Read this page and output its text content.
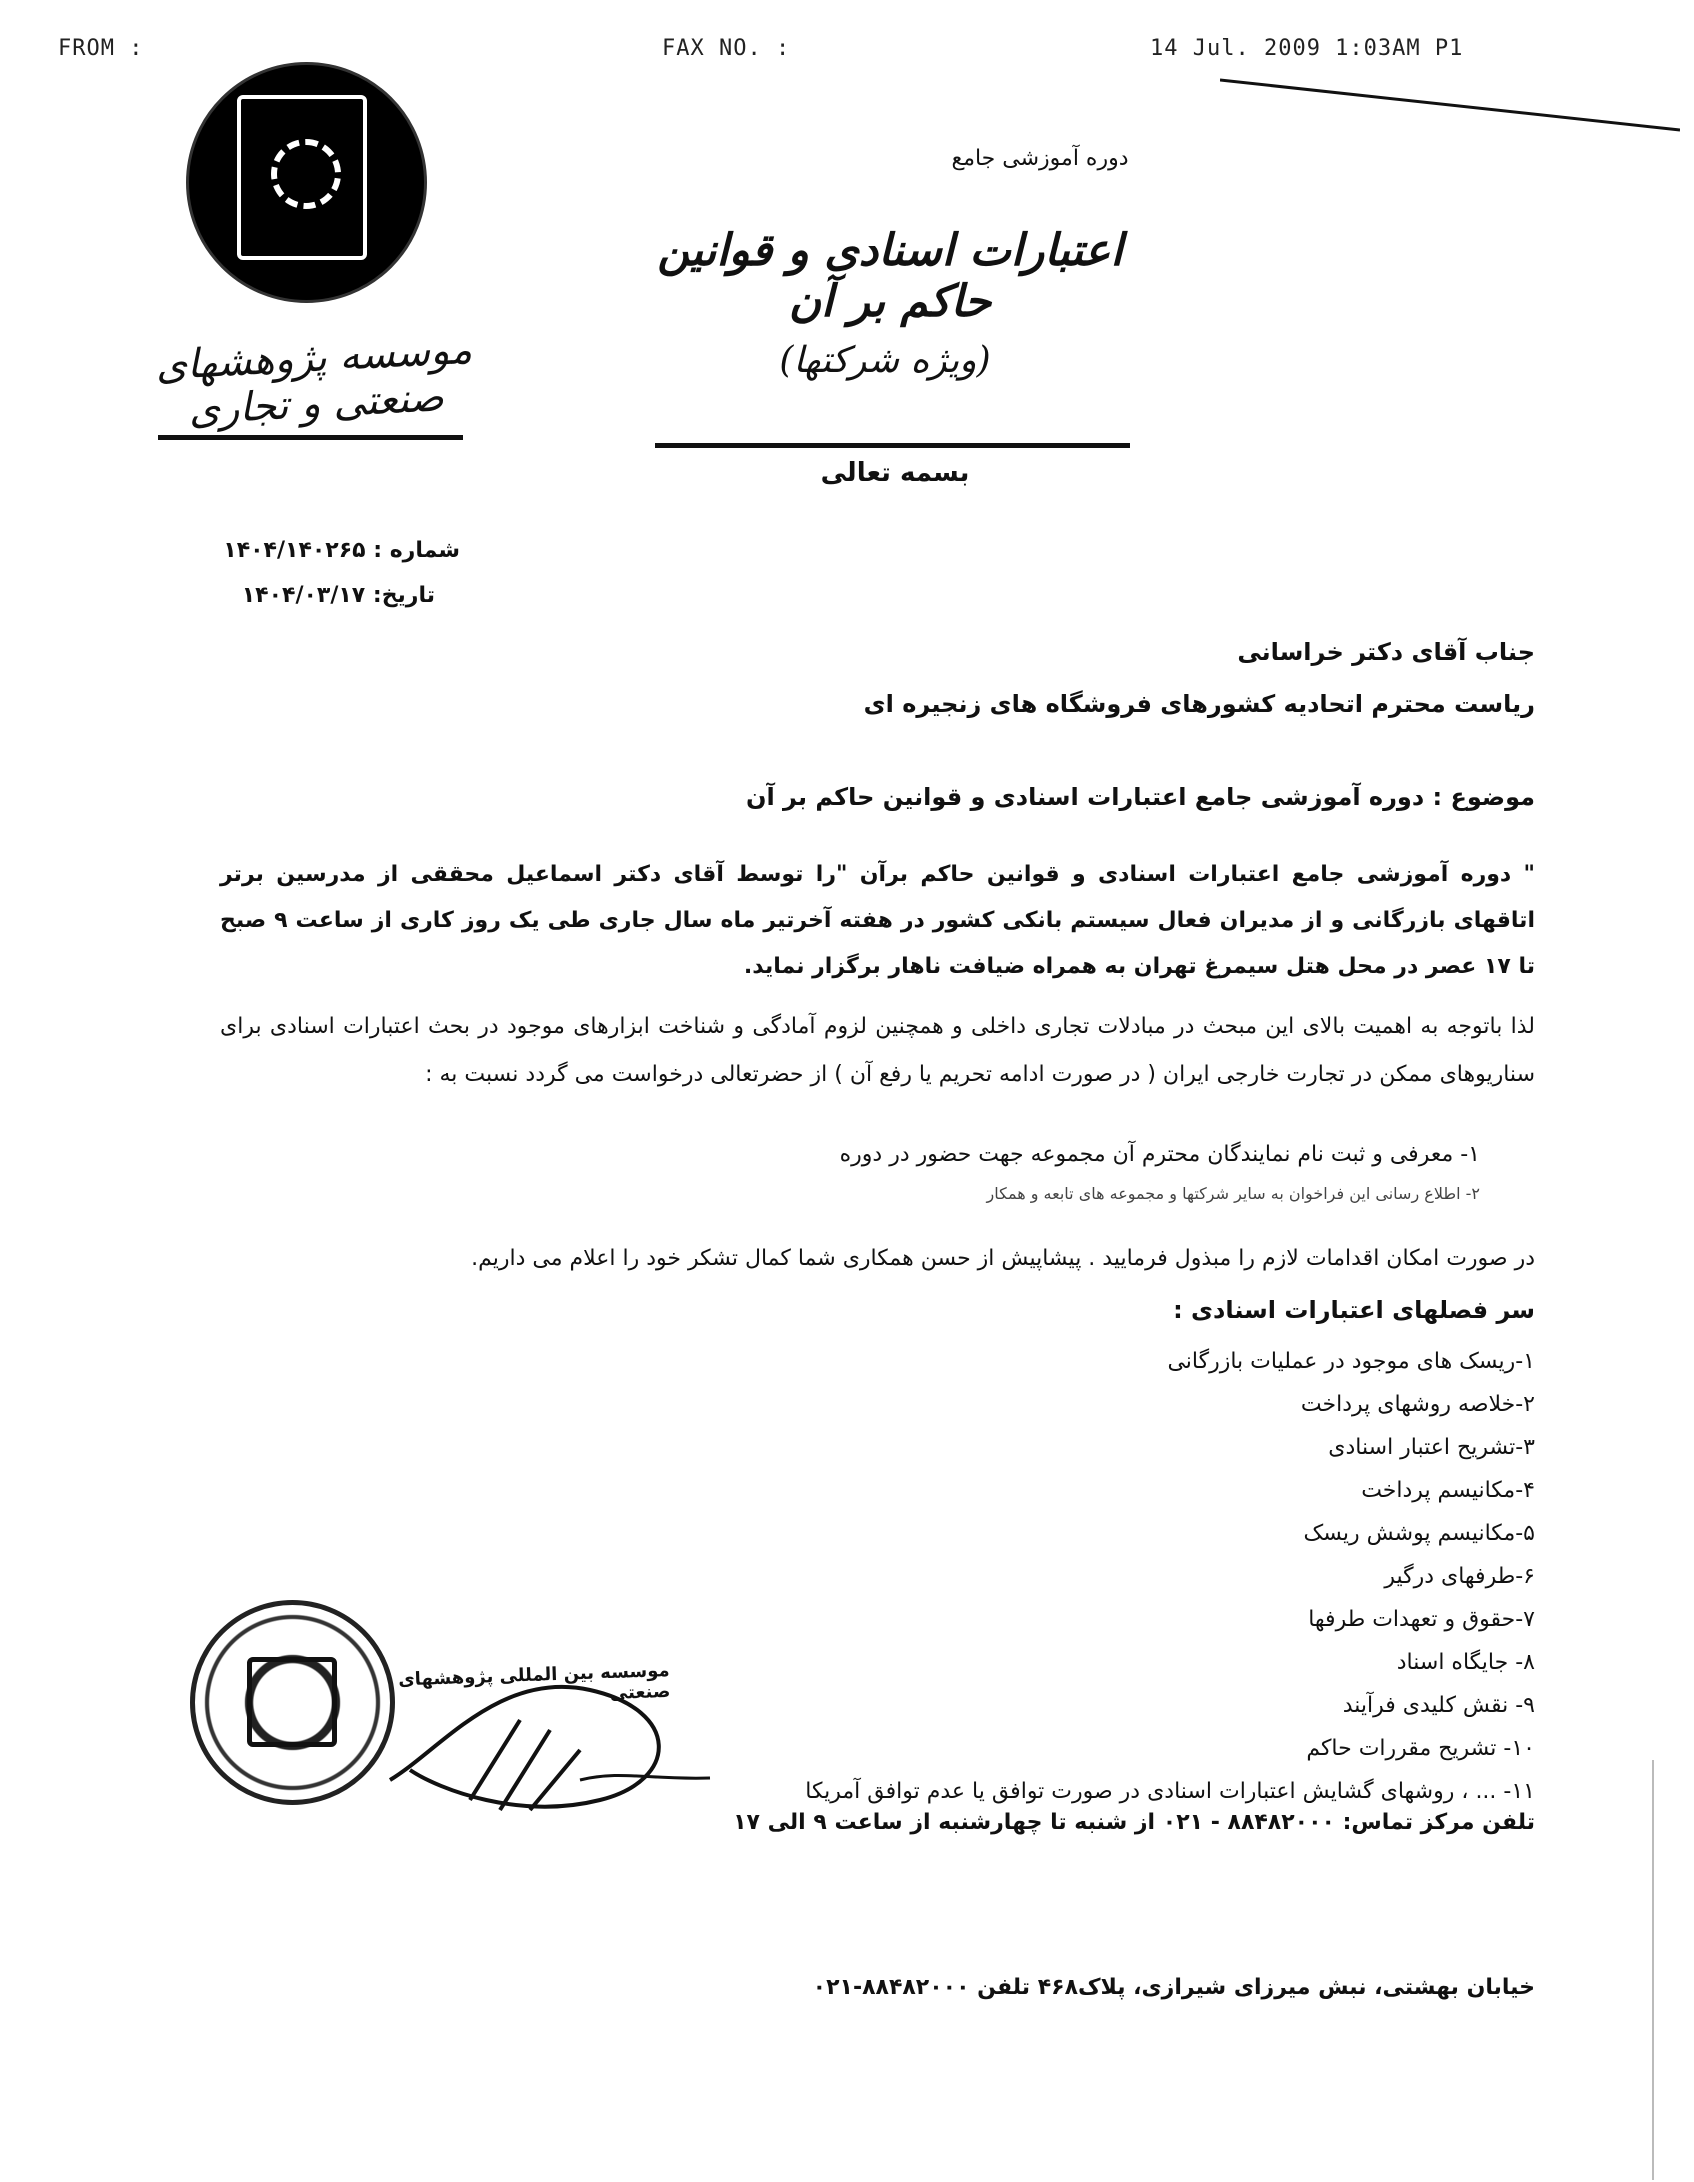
FROM :	FAX NO. :	14 Jul. 2009 1:03AM P1
موسسه پژوهشهای صنعتی و تجاری
دوره آموزشی جامع
اعتبارات اسنادی و قوانین حاکم بر آن
(ویژه شرکتها)
بسمه تعالی
شماره : ۱۴۰۴/۱۴۰۲۶۵
تاریخ: ۱۴۰۴/۰۳/۱۷
جناب آقای دکتر خراسانی
ریاست محترم اتحادیه کشورهای فروشگاه های زنجیره ای
موضوع : دوره آموزشی جامع اعتبارات اسنادی و قوانین حاکم بر آن
" دوره آموزشی جامع اعتبارات اسنادی و قوانین حاکم برآن "را توسط آقای دکتر اسماعیل محققی از مدرسین برتر اتاقهای بازرگانی و از مدیران فعال سیستم بانکی کشور در هفته آخرتیر ماه سال جاری طی یک روز کاری از ساعت ۹ صبح تا ۱۷ عصر در محل هتل سیمرغ تهران به همراه ضیافت ناهار برگزار نماید.
لذا باتوجه به اهمیت بالای این مبحث در مبادلات تجاری داخلی و همچنین لزوم آمادگی و شناخت ابزارهای موجود در بحث اعتبارات اسنادی برای سناریوهای ممکن در تجارت خارجی ایران ( در صورت ادامه تحریم یا رفع آن ) از حضرتعالی درخواست می گردد نسبت به :
۱- معرفی و ثبت نام نمایندگان محترم آن مجموعه جهت حضور در دوره
۲- اطلاع رسانی این فراخوان به سایر شرکتها و مجموعه های تابعه و همکار
در صورت امکان اقدامات لازم را مبذول فرمایید . پیشاپیش از حسن همکاری شما کمال تشکر خود را اعلام می داریم.
سر فصلهای اعتبارات اسنادی :
۱-ریسک های موجود در عملیات بازرگانی
۲-خلاصه روشهای پرداخت
۳-تشریح اعتبار اسنادی
۴-مکانیسم پرداخت
۵-مکانیسم پوشش ریسک
۶-طرفهای درگیر
۷-حقوق و تعهدات طرفها
۸- جایگاه اسناد
۹- نقش کلیدی فرآیند
۱۰- تشریح مقررات حاکم
۱۱- ... ، روشهای گشایش اعتبارات اسنادی در صورت توافق یا عدم توافق آمریکا
موسسه بین المللی پژوهشهای صنعتی
تلفن مرکز تماس: ۸۸۴۸۲۰۰۰ - ۰۲۱ از شنبه تا چهارشنبه از ساعت ۹ الی ۱۷
خیابان بهشتی، نبش میرزای شیرازی، پلاک۴۶۸ تلفن ۸۸۴۸۲۰۰۰-۰۲۱
